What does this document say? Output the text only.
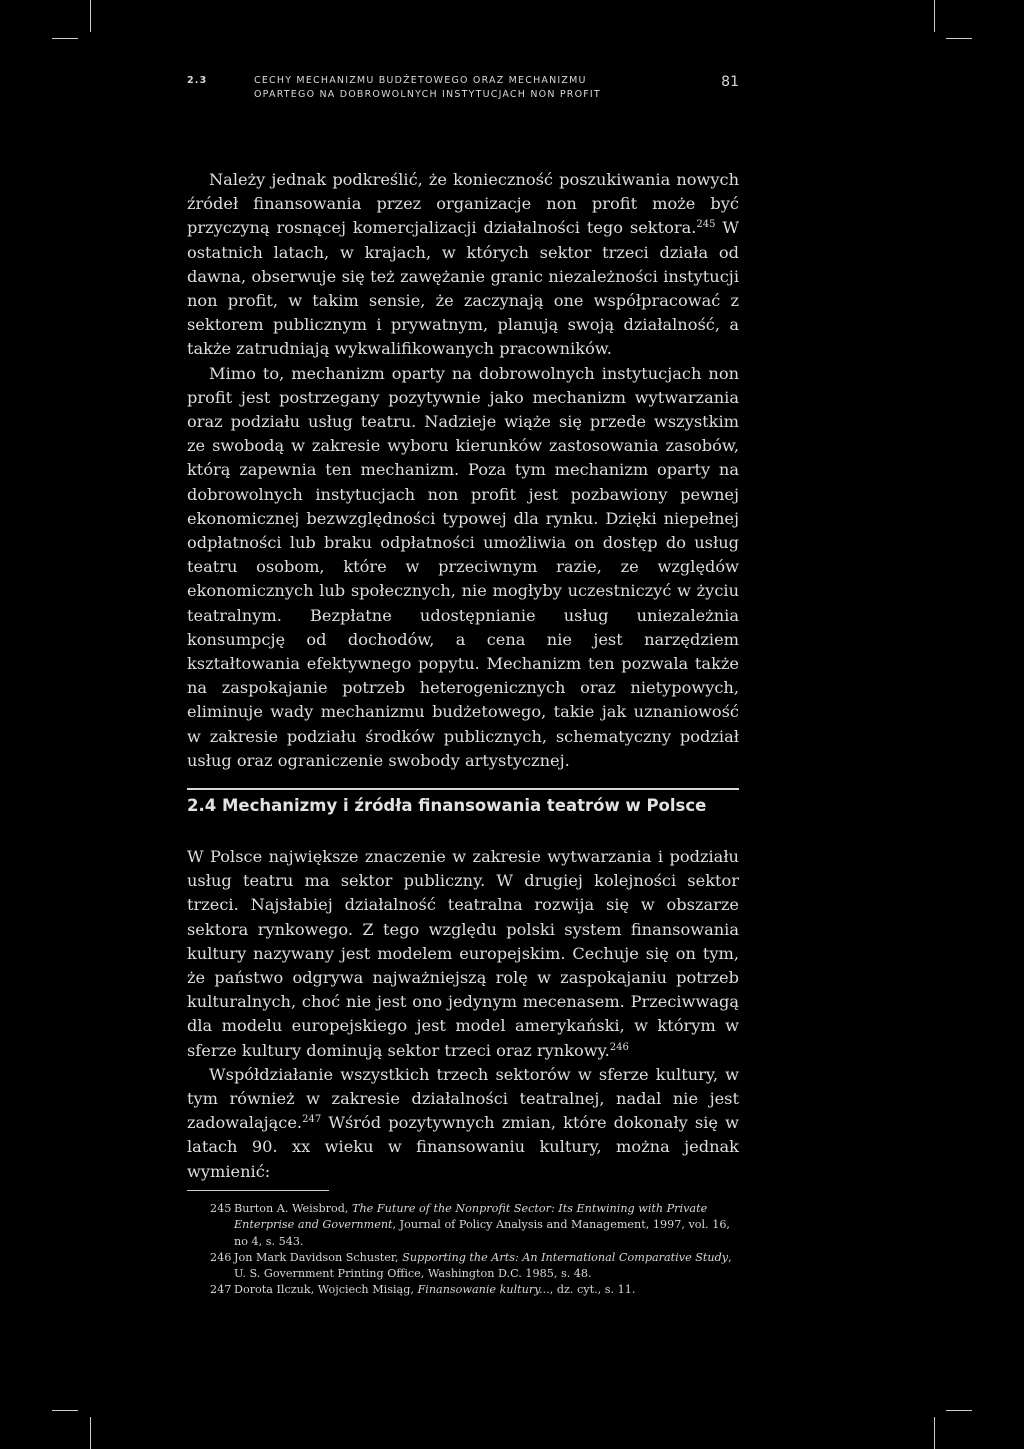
2.3	CECHY MECHANIZMU BUDŻETOWEGO ORAZ MECHANIZMU
OPARTEGO NA DOBROWOLNYCH INSTYTUCJACH NON PROFIT
81

Należy jednak podkreślić, że konieczność poszukiwania nowych źródeł finansowania przez organizacje non profit może być przyczyną rosnącej komercjalizacji działalności tego sektora.$^{245}$ W ostatnich latach, w krajach, w których sektor trzeci działa od dawna, obserwuje się też zawężanie granic niezależności instytucji non profit, w takim sensie, że zaczynają one współpracować z sektorem publicznym i prywatnym, planują swoją działalność, a także zatrudniają wykwalifikowanych pracowników.

Mimo to, mechanizm oparty na dobrowolnych instytucjach non profit jest postrzegany pozytywnie jako mechanizm wytwarzania oraz podziału usług teatru. Nadzieje wiąże się przede wszystkim ze swobodą w zakresie wyboru kierunków zastosowania zasobów, którą zapewnia ten mechanizm. Poza tym mechanizm oparty na dobrowolnych instytucjach non profit jest pozbawiony pewnej ekonomicznej bezwzględności typowej dla rynku. Dzięki niepełnej odpłatności lub braku odpłatności umożliwia on dostęp do usług teatru osobom, które w przeciwnym razie, ze względów ekonomicznych lub społecznych, nie mogłyby uczestniczyć w życiu teatralnym. Bezpłatne udostępnianie usług uniezależnia konsumpcję od dochodów, a cena nie jest narzędziem kształtowania efektywnego popytu. Mechanizm ten pozwala także na zaspokajanie potrzeb heterogenicznych oraz nietypowych, eliminuje wady mechanizmu budżetowego, takie jak uznaniowość w zakresie podziału środków publicznych, schematyczny podział usług oraz ograniczenie swobody artystycznej.

2.4 Mechanizmy i źródła finansowania teatrów w Polsce

W Polsce największe znaczenie w zakresie wytwarzania i podziału usług teatru ma sektor publiczny. W drugiej kolejności sektor trzeci. Najsłabiej działalność teatralna rozwija się w obszarze sektora rynkowego. Z tego względu polski system finansowania kultury nazywany jest modelem europejskim. Cechuje się on tym, że państwo odgrywa najważniejszą rolę w zaspokajaniu potrzeb kulturalnych, choć nie jest ono jedynym mecenasem. Przeciwwagą dla modelu europejskiego jest model amerykański, w którym w sferze kultury dominują sektor trzeci oraz rynkowy.$^{246}$

Współdziałanie wszystkich trzech sektorów w sferze kultury, w tym również w zakresie działalności teatralnej, nadal nie jest zadowalające.$^{247}$ Wśród pozytywnych zmian, które dokonały się w latach 90. xx wieku w finansowaniu kultury, można jednak wymienić:

245 Burton A. Weisbrod, The Future of the Nonprofit Sector: Its Entwining with Private Enterprise and Government, Journal of Policy Analysis and Management, 1997, vol. 16, no 4, s. 543.

246 Jon Mark Davidson Schuster, Supporting the Arts: An International Comparative Study, U. S. Government Printing Office, Washington D.C. 1985, s. 48.

247 Dorota Ilczuk, Wojciech Misiąg, Finansowanie kultury..., dz. cyt., s. 11.
